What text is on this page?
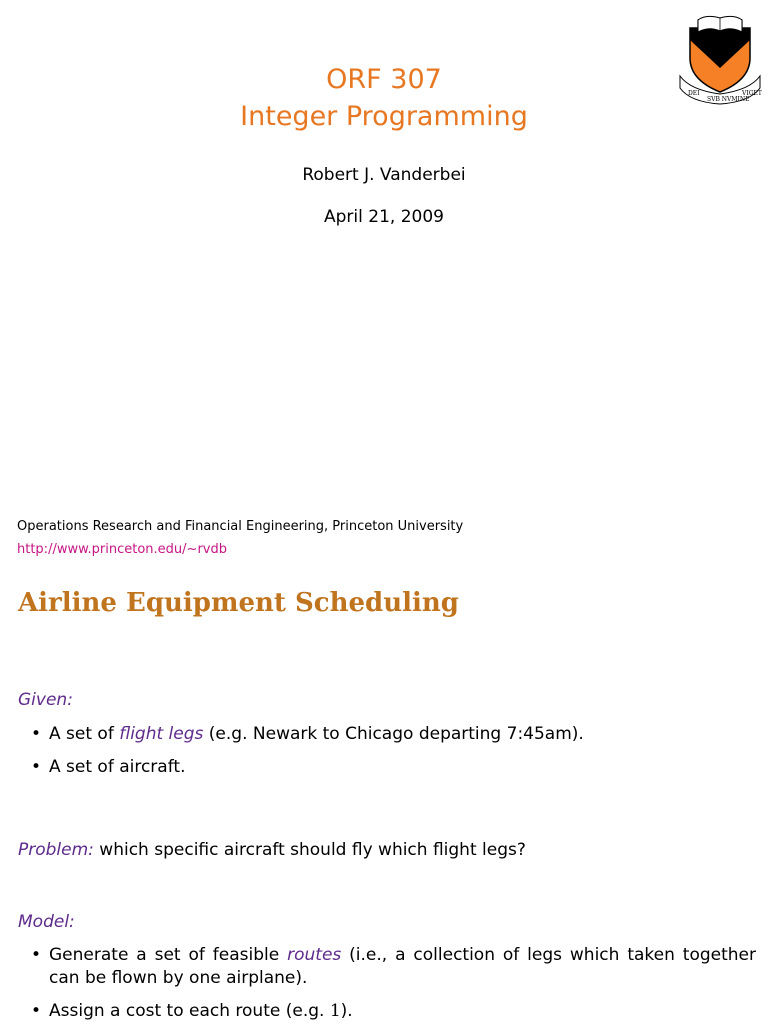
ORF 307
Integer Programming
Robert J. Vanderbei
April 21, 2009
DEI
SVB NVMINE
VIGET
Operations Research and Financial Engineering, Princeton University
http://www.princeton.edu/~rvdb
Airline Equipment Scheduling
Given:
• A set of flight legs (e.g. Newark to Chicago departing 7:45am).
• A set of aircraft.
Problem: which specific aircraft should fly which flight legs?
Model:
• Generate a set of feasible routes (i.e., a collection of legs which taken together can be flown by one airplane).
• Assign a cost to each route (e.g. 1).
